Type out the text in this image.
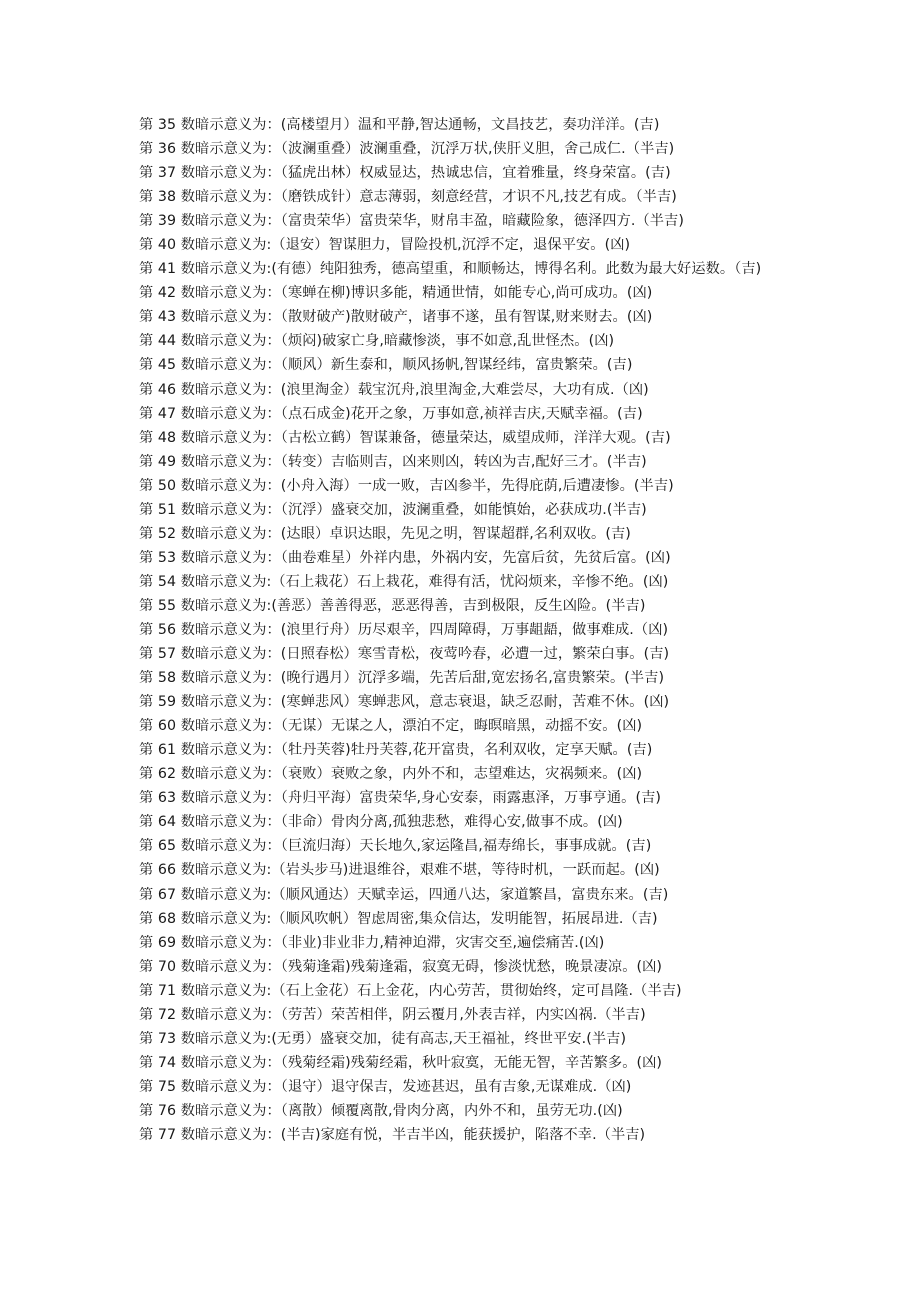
第 35 数暗示意义为：(高楼望月）温和平静,智达通畅，文昌技艺，奏功洋洋。(吉)
第 36 数暗示意义为：（波澜重叠）波澜重叠，沉浮万状,侠肝义胆，舍己成仁.（半吉)
第 37 数暗示意义为：（猛虎出林）权威显达，热诚忠信，宜着雅量，终身荣富。(吉)
第 38 数暗示意义为：（磨铁成针）意志薄弱，刻意经营，才识不凡,技艺有成。（半吉)
第 39 数暗示意义为：（富贵荣华）富贵荣华，财帛丰盈，暗藏险象，德泽四方.（半吉)
第 40 数暗示意义为:（退安）智谋胆力，冒险投机,沉浮不定，退保平安。(凶)
第 41 数暗示意义为:(有德）纯阳独秀，德高望重，和顺畅达，博得名利。此数为最大好运数。（吉)
第 42 数暗示意义为：（寒蝉在柳)博识多能，精通世情，如能专心,尚可成功。(凶)
第 43 数暗示意义为：（散财破产)散财破产，诸事不遂，虽有智谋,财来财去。(凶)
第 44 数暗示意义为：（烦闷)破家亡身,暗藏惨淡，事不如意,乱世怪杰。(凶)
第 45 数暗示意义为：（顺风）新生泰和，顺风扬帆,智谋经纬，富贵繁荣。(吉)
第 46 数暗示意义为：(浪里淘金）载宝沉舟,浪里淘金,大难尝尽，大功有成.（凶)
第 47 数暗示意义为：（点石成金)花开之象，万事如意,祯祥吉庆,天赋幸福。(吉)
第 48 数暗示意义为：（古松立鹤）智谋兼备，德量荣达，威望成师，洋洋大观。(吉)
第 49 数暗示意义为：（转变）吉临则吉，凶来则凶，转凶为吉,配好三才。(半吉)
第 50 数暗示意义为：(小舟入海）一成一败，吉凶参半，先得庇荫,后遭凄惨。(半吉)
第 51 数暗示意义为：（沉浮）盛衰交加，波澜重叠，如能慎始，必获成功.(半吉)
第 52 数暗示意义为：(达眼）卓识达眼，先见之明，智谋超群,名利双收。(吉)
第 53 数暗示意义为：（曲卷难星）外祥内患，外祸内安，先富后贫，先贫后富。(凶)
第 54 数暗示意义为:（石上栽花）石上栽花，难得有活，忧闷烦来，辛惨不绝。(凶)
第 55 数暗示意义为:(善恶）善善得恶，恶恶得善，吉到极限，反生凶险。(半吉)
第 56 数暗示意义为：(浪里行舟）历尽艰辛，四周障碍，万事龃龉，做事难成.（凶)
第 57 数暗示意义为：(日照春松）寒雪青松，夜莺吟春，必遭一过，繁荣白事。(吉)
第 58 数暗示意义为：(晚行遇月）沉浮多端，先苦后甜,宽宏扬名,富贵繁荣。(半吉)
第 59 数暗示意义为：(寒蝉悲风）寒蝉悲风，意志衰退，缺乏忍耐，苦难不休。(凶)
第 60 数暗示意义为：（无谋）无谋之人，漂泊不定，晦暝暗黑，动摇不安。(凶)
第 61 数暗示意义为：（牡丹芙蓉)牡丹芙蓉,花开富贵，名利双收，定享天赋。(吉)
第 62 数暗示意义为：（衰败）衰败之象，内外不和，志望难达，灾祸频来。(凶)
第 63 数暗示意义为：（舟归平海）富贵荣华,身心安泰，雨露惠泽，万事亨通。(吉)
第 64 数暗示意义为：（非命）骨肉分离,孤独悲愁，难得心安,做事不成。(凶)
第 65 数暗示意义为：（巨流归海）天长地久,家运隆昌,福寿绵长，事事成就。(吉)
第 66 数暗示意义为:（岩头步马)进退维谷，艰难不堪，等待时机，一跃而起。(凶)
第 67 数暗示意义为:（顺风通达）天赋幸运，四通八达，家道繁昌，富贵东来。(吉)
第 68 数暗示意义为:（顺风吹帆）智虑周密,集众信达，发明能智，拓展昂进.（吉)
第 69 数暗示意义为：（非业)非业非力,精神迫滞，灾害交至,遍偿痛苦.(凶)
第 70 数暗示意义为：（残菊逢霜)残菊逢霜，寂寞无碍，惨淡忧愁，晚景凄凉。(凶)
第 71 数暗示意义为:（石上金花）石上金花，内心劳苦，贯彻始终，定可昌隆.（半吉)
第 72 数暗示意义为：（劳苦）荣苦相伴，阴云覆月,外表吉祥，内实凶祸.（半吉)
第 73 数暗示意义为:(无勇）盛衰交加，徒有高志,天王福祉，终世平安.(半吉)
第 74 数暗示意义为：（残菊经霜)残菊经霜，秋叶寂寞，无能无智，辛苦繁多。(凶)
第 75 数暗示意义为：（退守）退守保吉，发迹甚迟，虽有吉象,无谋难成.（凶)
第 76 数暗示意义为：（离散）倾覆离散,骨肉分离，内外不和，虽劳无功.(凶)
第 77 数暗示意义为：(半吉)家庭有悦，半吉半凶，能获援护，陷落不幸.（半吉)
